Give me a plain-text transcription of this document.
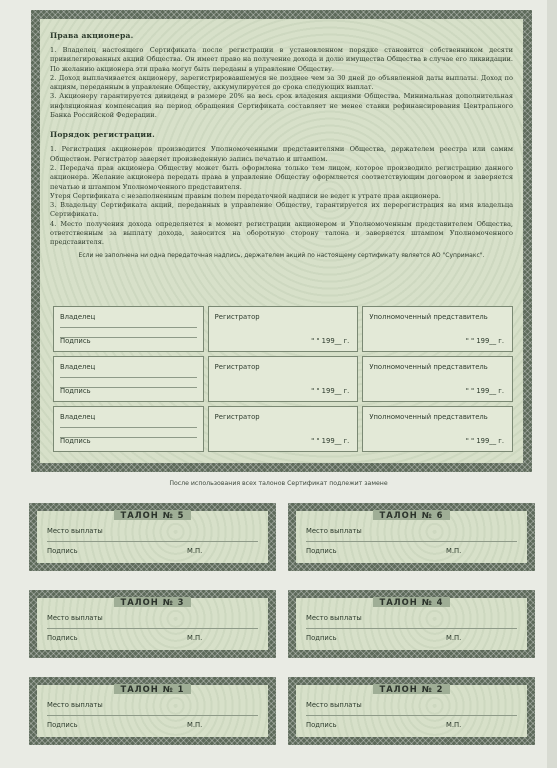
Права акционера.

1. Владелец настоящего Сертификата после регистрации в установленном порядке становится собственником десяти привилегированных акций Общества. Он имеет право на получение дохода и долю имущества Общества в случае его ликвидации. По желанию акционера эти права могут быть переданы в управление Обществу.

2. Доход выплачивается акционеру, зарегистрировавшемуся не позднее чем за 30 дней до объявленной даты выплаты. Доход по акциям, переданным в управление Обществу, аккумулируется до срока следующих выплат.

3. Акционеру гарантируется дивиденд в размере 20% на весь срок владения акциями Общества. Минимальная дополнительная инфляционная компенсация на период обращения Сертификата составляет не менее ставки рефинансирования Центрального Банка Российской Федерации.

Порядок регистрации.

1. Регистрация акционеров производится Уполномоченными представителями Общества, держателем реестра или самим Обществом. Регистратор заверяет произведенную запись печатью и штампом.

2. Передача прав акционера Обществу может быть оформлена только тем лицом, которое производило регистрацию данного акционера. Желание акционера передать права в управление Обществу оформляется соответствующим договором и заверяется печатью и штампом Уполномоченного представителя.

Утеря Сертификата с незаполненным правым полем передаточной надписи не ведет к утрате прав акционера.

3. Владельцу Сертификата акций, переданных в управление Обществу, гарантируется их перерегистрация на имя владельца Сертификата.

4. Место получения дохода определяется в момент регистрации акционером и Уполномоченным представителем Общества, ответственным за выплату дохода, заносится на оборотную сторону талона и заверяется штампом Уполномоченного представителя.

Если не заполнена ни одна передаточная надпись, держателем акций по настоящему сертификату является АО "Супримакс".
Владелец
Подпись
Регистратор
" " 199__ г.
Уполномоченный представитель
" " 199__ г.
Владелец
Подпись
Регистратор
" " 199__ г.
Уполномоченный представитель
" " 199__ г.
Владелец
Подпись
Регистратор
" " 199__ г.
Уполномоченный представитель
" " 199__ г.
После использования всех талонов Сертификат подлежит замене
ТАЛОН № 5
Место выплаты
Подпись	М.П.
ТАЛОН № 6
Место выплаты
Подпись	М.П.
ТАЛОН № 3
Место выплаты
Подпись	М.П.
ТАЛОН № 4
Место выплаты
Подпись	М.П.
ТАЛОН № 1
Место выплаты
Подпись	М.П.
ТАЛОН № 2
Место выплаты
Подпись	М.П.
